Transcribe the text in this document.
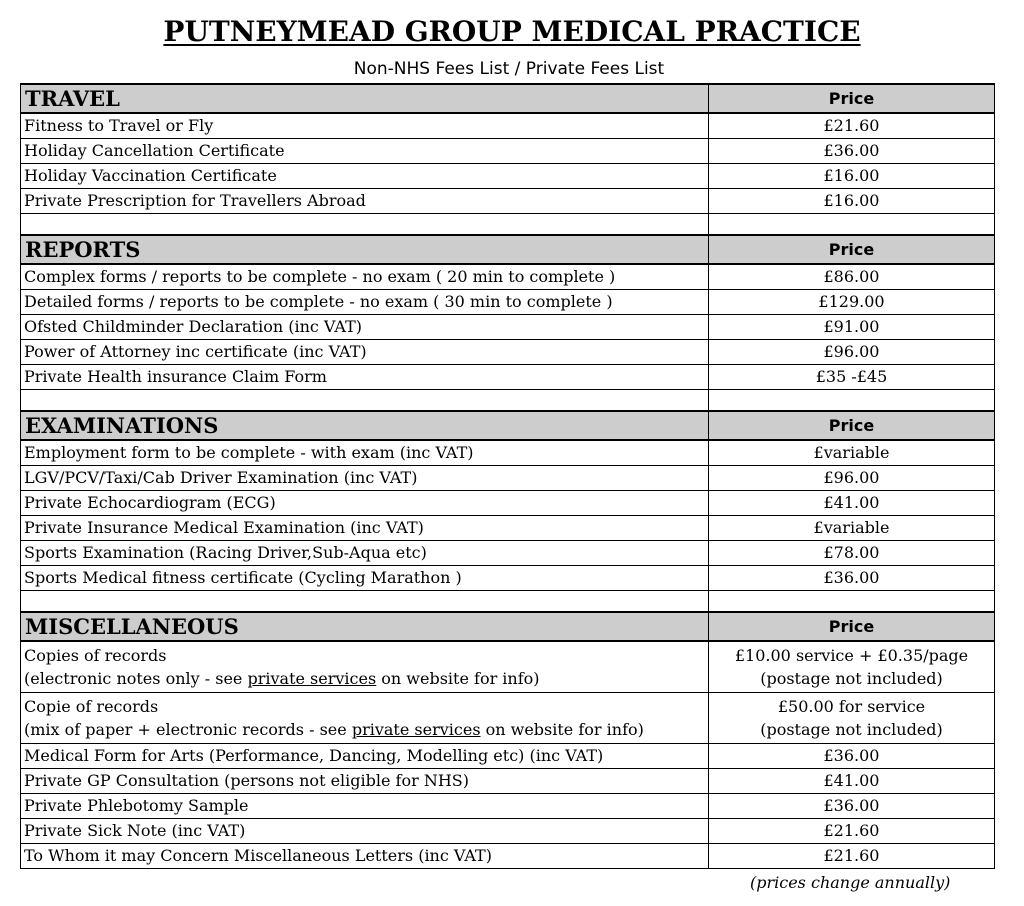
PUTNEYMEAD GROUP MEDICAL PRACTICE
Non-NHS Fees List / Private Fees List
TRAVEL	Price
Fitness to Travel or Fly	£21.60
Holiday Cancellation Certificate	£36.00
Holiday Vaccination Certificate	£16.00
Private Prescription for Travellers Abroad	£16.00

REPORTS	Price
Complex forms / reports to be complete - no exam ( 20 min to complete )	£86.00
Detailed forms / reports to be complete - no exam ( 30 min to complete )	£129.00
Ofsted Childminder Declaration (inc VAT)	£91.00
Power of Attorney inc certificate (inc VAT)	£96.00
Private Health insurance Claim Form	£35 -£45

EXAMINATIONS	Price
Employment form to be complete - with exam (inc VAT)	£variable
LGV/PCV/Taxi/Cab Driver Examination (inc VAT)	£96.00
Private Echocardiogram (ECG)	£41.00
Private Insurance Medical Examination (inc VAT)	£variable
Sports Examination (Racing Driver,Sub-Aqua etc)	£78.00
Sports Medical fitness certificate (Cycling Marathon )	£36.00

MISCELLANEOUS	Price
Copies of records
(electronic notes only - see private services on website for info)	£10.00 service + £0.35/page
(postage not included)
Copie of records
(mix of paper + electronic records - see private services on website for info)	£50.00 for service
(postage not included)
Medical Form for Arts (Performance, Dancing, Modelling etc) (inc VAT)	£36.00
Private GP Consultation (persons not eligible for NHS)	£41.00
Private Phlebotomy Sample	£36.00
Private Sick Note (inc VAT)	£21.60
To Whom it may Concern Miscellaneous Letters (inc VAT)	£21.60
(prices change annually)
